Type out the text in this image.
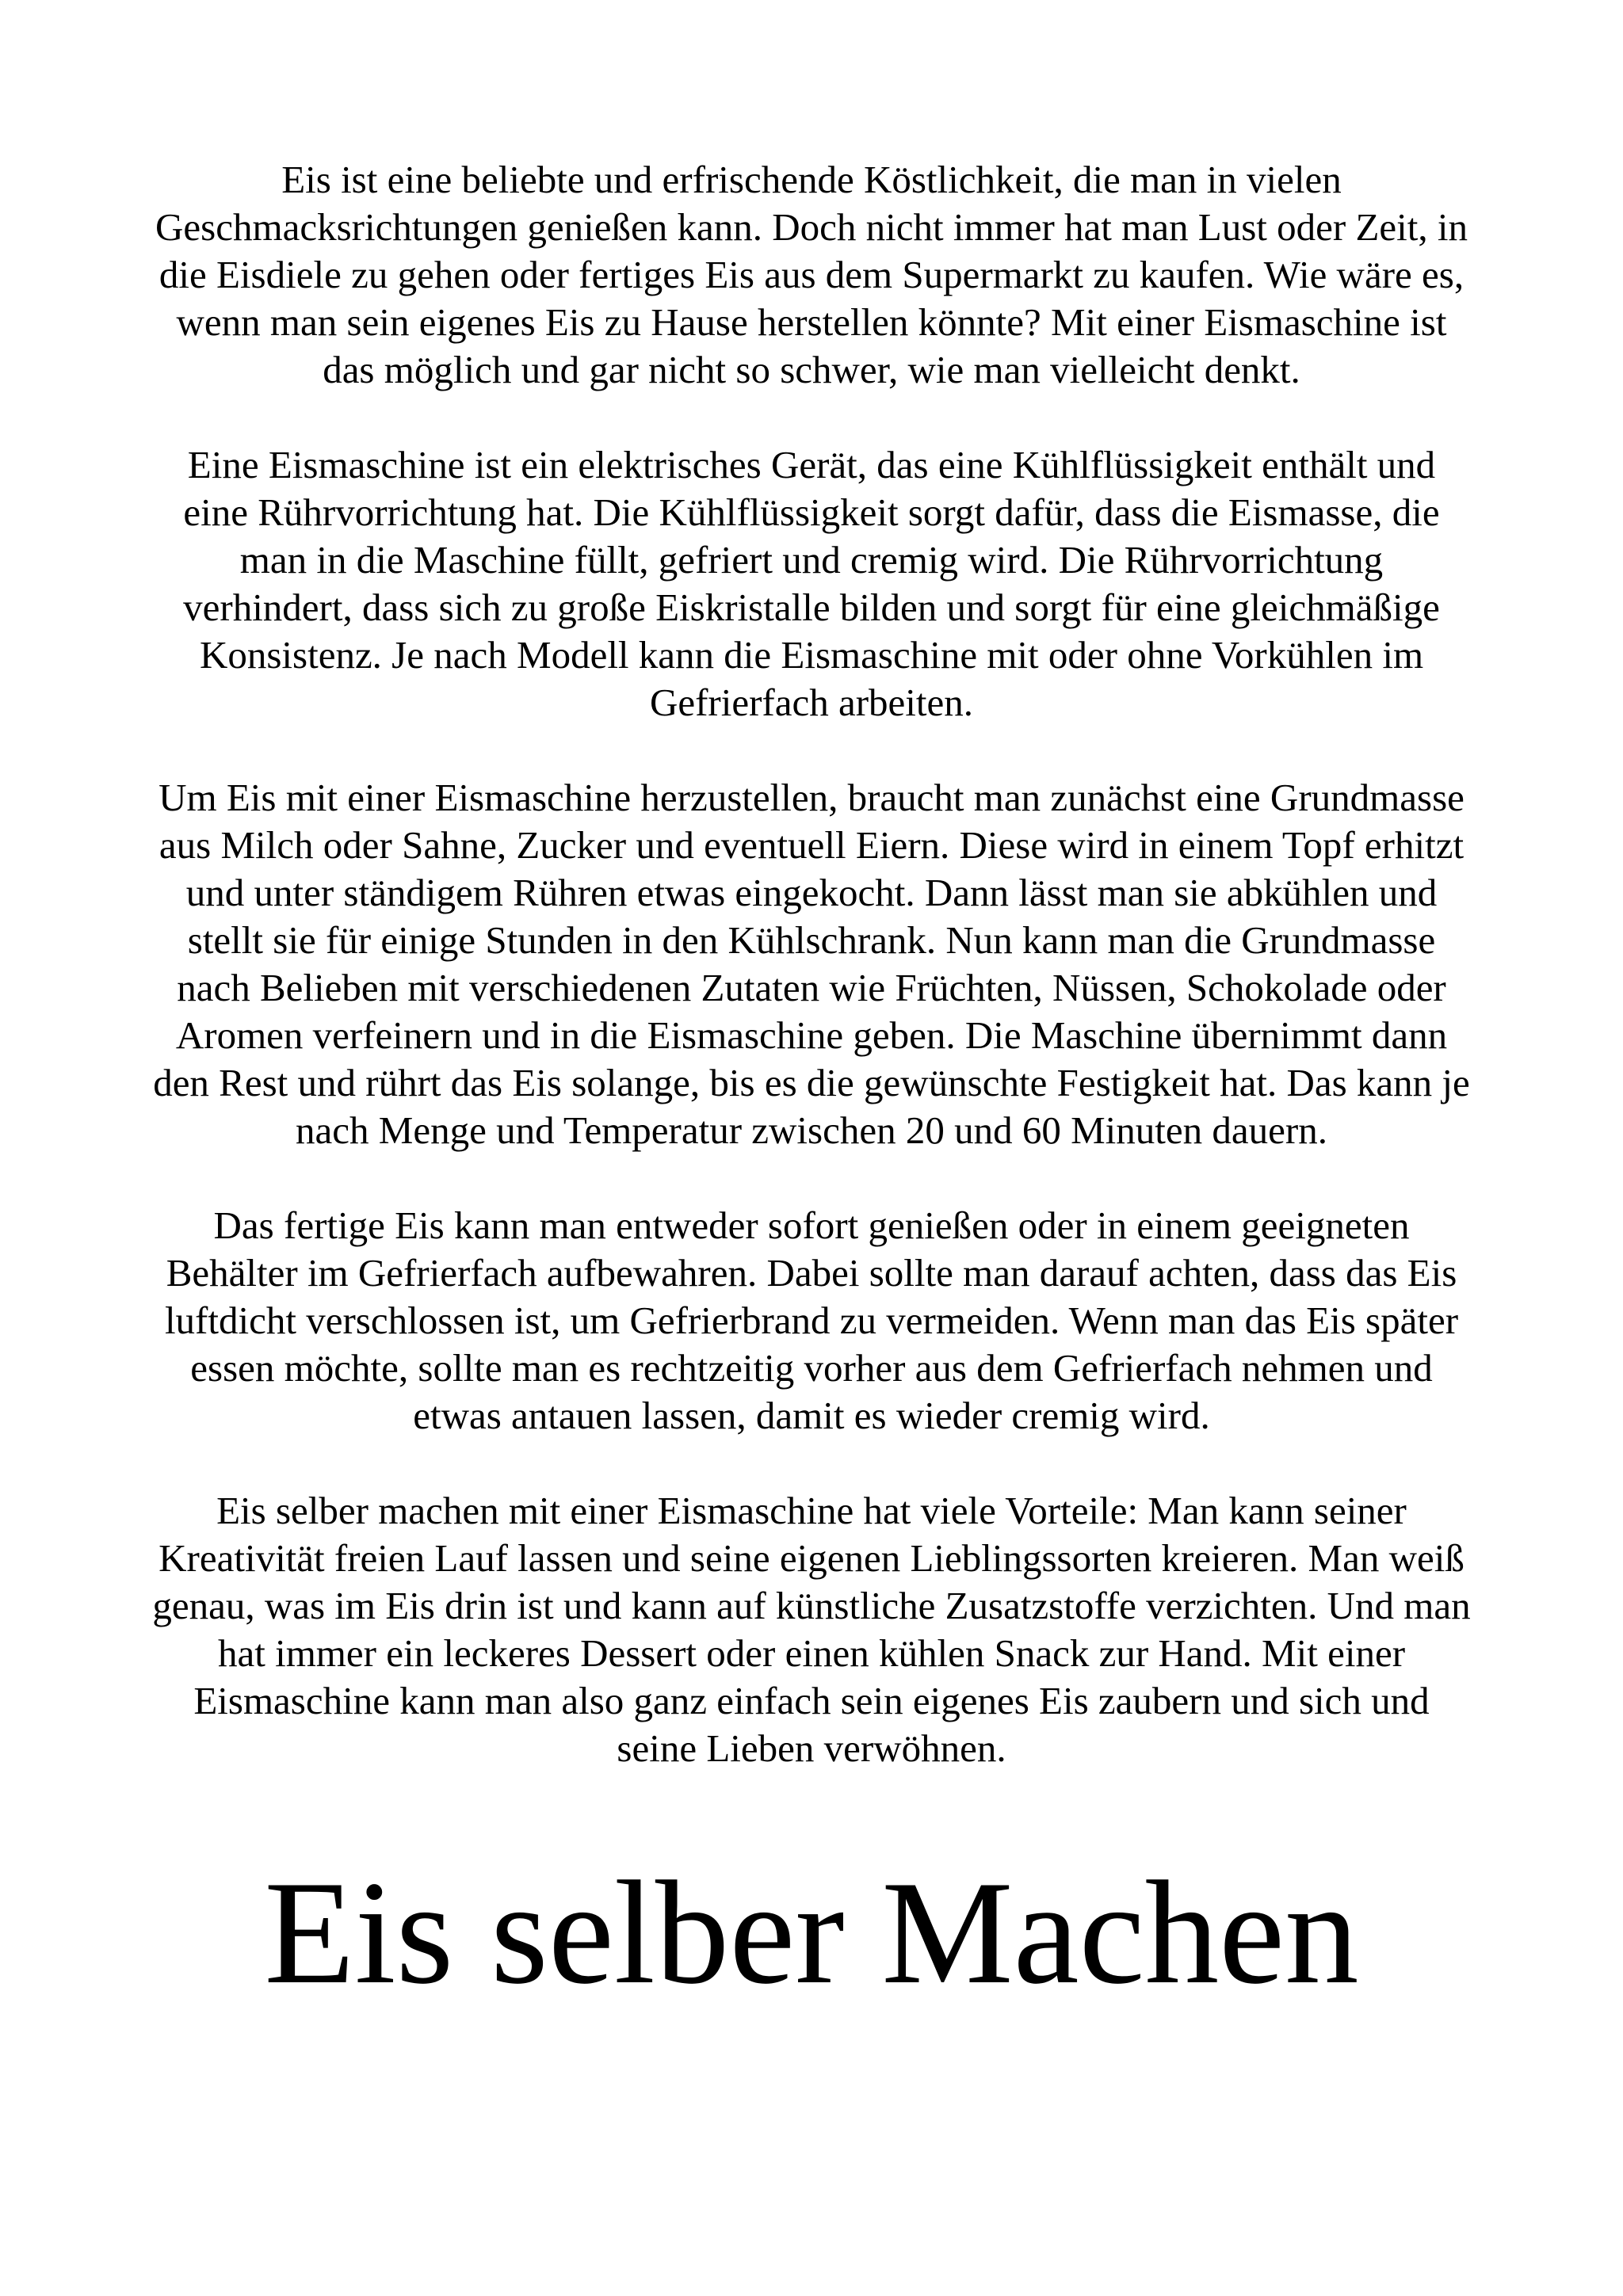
Eis ist eine beliebte und erfrischende Köstlichkeit, die man in vielen Geschmacksrichtungen genießen kann. Doch nicht immer hat man Lust oder Zeit, in die Eisdiele zu gehen oder fertiges Eis aus dem Supermarkt zu kaufen. Wie wäre es, wenn man sein eigenes Eis zu Hause herstellen könnte? Mit einer Eismaschine ist das möglich und gar nicht so schwer, wie man vielleicht denkt.

Eine Eismaschine ist ein elektrisches Gerät, das eine Kühlflüssigkeit enthält und eine Rührvorrichtung hat. Die Kühlflüssigkeit sorgt dafür, dass die Eismasse, die man in die Maschine füllt, gefriert und cremig wird. Die Rührvorrichtung verhindert, dass sich zu große Eiskristalle bilden und sorgt für eine gleichmäßige Konsistenz. Je nach Modell kann die Eismaschine mit oder ohne Vorkühlen im Gefrierfach arbeiten.

Um Eis mit einer Eismaschine herzustellen, braucht man zunächst eine Grundmasse aus Milch oder Sahne, Zucker und eventuell Eiern. Diese wird in einem Topf erhitzt und unter ständigem Rühren etwas eingekocht. Dann lässt man sie abkühlen und stellt sie für einige Stunden in den Kühlschrank. Nun kann man die Grundmasse nach Belieben mit verschiedenen Zutaten wie Früchten, Nüssen, Schokolade oder Aromen verfeinern und in die Eismaschine geben. Die Maschine übernimmt dann den Rest und rührt das Eis solange, bis es die gewünschte Festigkeit hat. Das kann je nach Menge und Temperatur zwischen 20 und 60 Minuten dauern.

Das fertige Eis kann man entweder sofort genießen oder in einem geeigneten Behälter im Gefrierfach aufbewahren. Dabei sollte man darauf achten, dass das Eis luftdicht verschlossen ist, um Gefrierbrand zu vermeiden. Wenn man das Eis später essen möchte, sollte man es rechtzeitig vorher aus dem Gefrierfach nehmen und etwas antauen lassen, damit es wieder cremig wird.

Eis selber machen mit einer Eismaschine hat viele Vorteile: Man kann seiner Kreativität freien Lauf lassen und seine eigenen Lieblingssorten kreieren. Man weiß genau, was im Eis drin ist und kann auf künstliche Zusatzstoffe verzichten. Und man hat immer ein leckeres Dessert oder einen kühlen Snack zur Hand. Mit einer Eismaschine kann man also ganz einfach sein eigenes Eis zaubern und sich und seine Lieben verwöhnen.

Eis selber Machen
